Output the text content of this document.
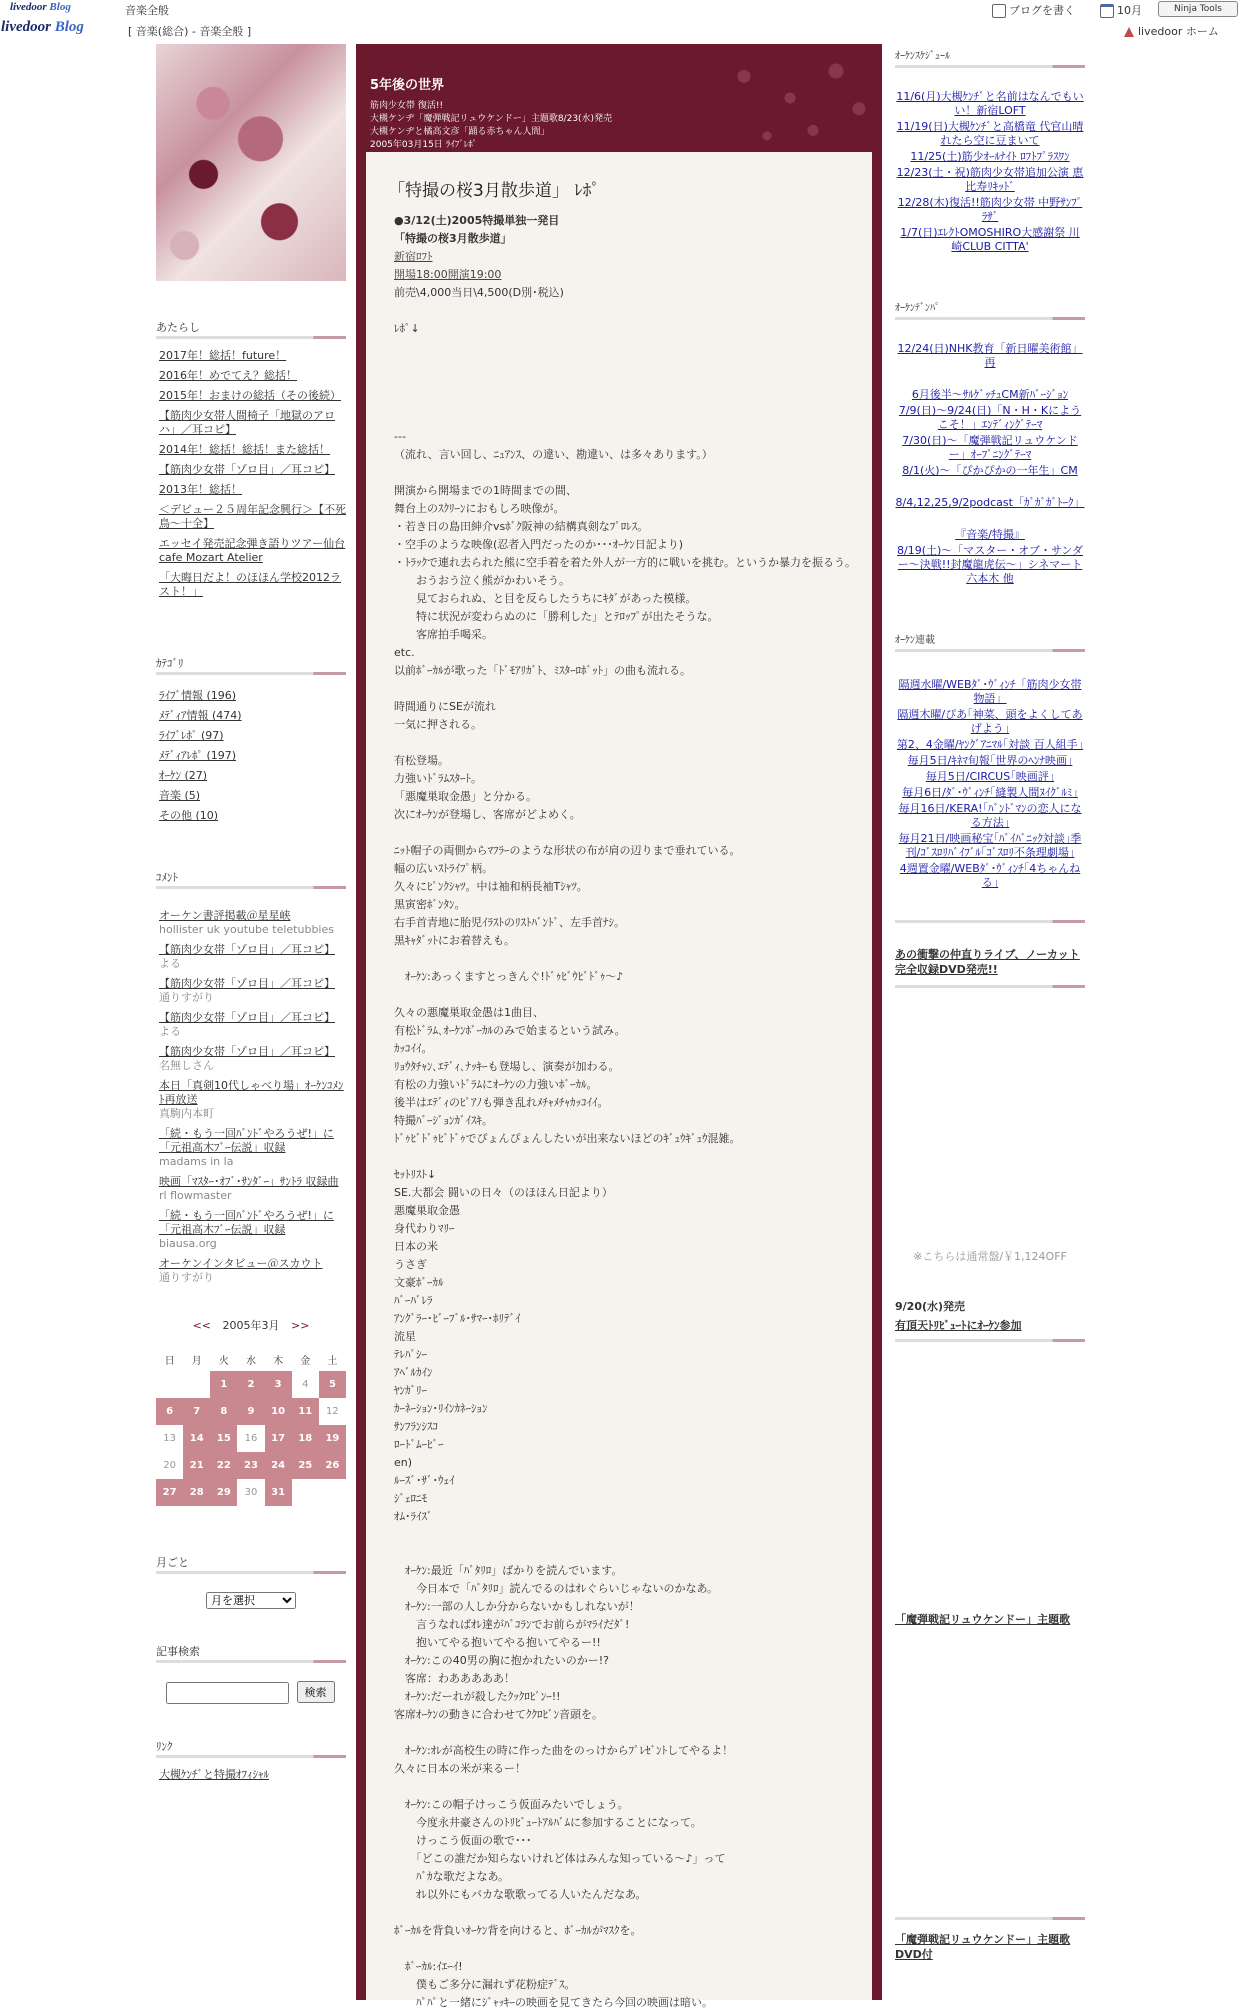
livedoor Blog	音楽全般
livedoor Blog	[ 音楽(総合) - 音楽全般 ]
ブログを書く	10月	Ninja Tools
livedoor ホーム
あたらし
2017年！総括！future！
2016年！めでてえ？総括！
2015年！おまけの総括（その後続）
【筋肉少女帯人間椅子「地獄のアロハ」／耳コピ】
2014年！総括！総括！また総括！
【筋肉少女帯「ゾロ目」／耳コピ】
2013年！総括！
＜デビュー２５周年記念興行＞【不死鳥～十全】
エッセイ発売記念弾き語りツアー仙台 cafe Mozart Atelier
「大晦日だよ！のほほん学校2012ラスト！」
ｶﾃｺﾞﾘ
ﾗｲﾌﾞ情報 (196)
ﾒﾃﾞｨｱ情報 (474)
ﾗｲﾌﾞﾚﾎﾟ (97)
ﾒﾃﾞｨｱﾚﾎﾟ (197)
ｵｰｹﾝ (27)
音楽 (5)
その他 (10)
ｺﾒﾝﾄ
オーケン書評掲載＠星星峡
hollister uk youtube teletubbies
【筋肉少女帯「ゾロ目」／耳コピ】
よる
【筋肉少女帯「ゾロ目」／耳コピ】
通りすがり
【筋肉少女帯「ゾロ目」／耳コピ】
よる
【筋肉少女帯「ゾロ目」／耳コピ】
名無しさん
本日「真剣10代しゃべり場」ｵｰｹﾝｺﾒﾝﾄ再放送
真駒内本町
「続・もう一回ﾊﾞﾝﾄﾞやろうぜ!」に「元祖高木ﾌﾞｰ伝説」収録
madams in la
映画「ﾏｽﾀｰ･ｵﾌﾞ･ｻﾝﾀﾞｰ」ｻﾝﾄﾗ 収録曲
rl flowmaster
「続・もう一回ﾊﾞﾝﾄﾞやろうぜ!」に「元祖高木ﾌﾞｰ伝説」収録
biausa.org
オーケンインタビュー＠スカウト
通りすがり
<< 2005年3月 >>
日	月	火	水	木	金	土
		1	2	3	4	5
6	7	8	9	10	11	12
13	14	15	16	17	18	19
20	21	22	23	24	25	26
27	28	29	30	31		
月ごと
月を選択
記事検索
検索
ﾘﾝｸ
大槻ｹﾝﾁﾞと特撮ｵﾌｨｼｬﾙ
5年後の世界
筋肉少女帯 復活!!
大槻ケンヂ「魔弾戦記リュウケンドー」主題歌8/23(水)発売
大槻ケンヂと橘高文彦「踊る赤ちゃん人間」
2005年03月15日 ﾗｲﾌﾞﾚﾎﾟ
「特撮の桜3月散歩道」 ﾚﾎﾟ

●3/12(土)2005特撮単独一発目

「特撮の桜3月散歩道」

新宿ﾛﾌﾄ

開場18:00開演19:00

前売\4,000当日\4,500(D別･税込)

ﾚﾎﾟ↓

---

（流れ、言い回し、ﾆｭｱﾝｽ、の違い、勘違い、は多々あります。）

開演から開場までの1時間までの間、

舞台上のｽｸﾘｰﾝにおもしろ映像が。

・若き日の島田紳介vsﾎﾞｸ阪神の結構真剣なﾌﾟﾛﾚｽ。

・空手のような映像(忍者入門だったのか･･･ｵｰｹﾝ日記より)

・ﾄﾗｯｸで連れ去られた熊に空手着を着た外人が一方的に戦いを挑む。というか暴力を振るう。

　　おうおう泣く熊がかわいそう。

　　見ておられぬ、と目を反らしたうちにｷﾀﾞがあった模様。

　　特に状況が変わらぬのに「勝利した」とﾃﾛｯﾌﾟが出たそうな。

　　客席拍手喝采。

etc.

以前ﾎﾞｰｶﾙが歌った「ﾄﾞﾓｱﾘｶﾞﾄ、ﾐｽﾀｰﾛﾎﾞｯﾄ」の曲も流れる。

時間通りにSEが流れ

一気に押される。

有松登場。

力強いﾄﾞﾗﾑｽﾀｰﾄ。

「悪魔巣取金愚」と分かる。

次にｵｰｹﾝが登場し、客席がどよめく。

ﾆｯﾄ帽子の両側からﾏﾌﾗｰのような形状の布が肩の辺りまで垂れている。

幅の広いｽﾄﾗｲﾌﾟ柄。

久々にﾋﾟﾝｸｼｬﾂ。中は袖和柄長袖Tｼｬﾂ。

黒寅密ﾎﾞﾝﾀﾝ。

右手首青地に胎児ｲﾗｽﾄのﾘｽﾄﾊﾞﾝﾄﾞ、左手首ﾅｼ。

黒ｷｬﾀﾞｯﾄにお着替えも。

　ｵｰｹﾝ:あっくますとっきんぐ!ﾄﾞｩﾋﾞｳﾋﾞﾄﾞｩ～♪

久々の悪魔巣取金愚は1曲目、

有松ﾄﾞﾗﾑ､ｵｰｹﾝﾎﾞｰｶﾙのみで始まるという試み。

ｶｯｺｲｲ。

ﾘｮｳﾀﾁｬﾝ､ｴﾃﾞｨ､ﾅｯｷｰも登場し、演奏が加わる。

有松の力強いﾄﾞﾗﾑにｵｰｹﾝの力強いﾎﾞｰｶﾙ。

後半はｴﾃﾞｨのﾋﾟｱﾉも弾き乱れﾒﾁｬﾒﾁｬｶｯｺｲｲ。

特撮ﾊﾞｰｼﾞｮﾝｶﾞｲｽｷ。

ﾄﾞｩﾋﾞﾄﾞｩﾋﾞﾄﾞｩでぴょんぴょんしたいが出来ないほどのｷﾞｭｳｷﾞｭｳ混雑。

ｾｯﾄﾘｽﾄ↓

SE.大都会 闘いの日々（のほほん日記より）

悪魔巣取金愚

身代わりﾏﾘｰ

日本の米

うさぎ

文豪ﾎﾞｰｶﾙ

ﾊﾞｰﾊﾞﾚﾗ

ｱﾝｸﾞﾗｰ･ﾋﾞｰﾌﾞﾙ･ｻﾏｰ･ﾎﾘﾃﾞｲ

流星

ﾃﾚﾊﾟｼｰ

ｱﾍﾞﾙｶｲﾝ

ﾔﾝｶﾞﾘｰ

ｶｰﾈｰｼｮﾝ･ﾘｲﾝｶﾈｰｼｮﾝ

ｻﾝﾌﾗﾝｼｽｺ

ﾛｰﾄﾞﾑｰﾋﾞｰ

en)

ﾙｰｽﾞ･ｻﾞ･ｳｪｲ

ｼﾞｪﾛﾆﾓ

ｵﾑ･ﾗｲｽﾞ

　ｵｰｹﾝ:最近「ﾊﾞﾀﾘﾛ」ばかりを読んでいます。

　　今日本で「ﾊﾞﾀﾘﾛ」読んでるのはｵﾚぐらいじゃないのかなあ。

　ｵｰｹﾝ:一部の人しか分からないかもしれないが！

　　言うなればｵﾚ達がﾊﾞｺﾗﾝでお前らがﾏﾗｲだﾀﾞ!

　　抱いてやる抱いてやる抱いてやるー!!

　ｵｰｹﾝ:この40男の胸に抱かれたいのかー!?

　客席：わあああああ！

　ｵｰｹﾝ:だーれが殺したｸｯｸﾛﾋﾞﾝｰ!!

客席ｵｰｹﾝの動きに合わせてｸｸﾛﾋﾞﾝ音頭を。

　ｵｰｹﾝ:ｵﾚが高校生の時に作った曲をのっけからﾌﾟﾚｾﾞﾝﾄしてやるよ！

久々に日本の米が来るー！

　ｵｰｹﾝ:この帽子けっこう仮面みたいでしょう。

　　今度永井豪さんのﾄﾘﾋﾞｭｰﾄｱﾙﾊﾞﾑに参加することになって。

　　けっこう仮面の歌で･･･

　　「どこの誰だか知らないけれど体はみんな知っている～♪」って

　　ﾊﾞｶな歌だよなあ。

　　ｵﾚ以外にもバカな歌歌ってる人いたんだなあ。

ﾎﾞｰｶﾙを背負いｵｰｹﾝ背を向けると、ﾎﾞｰｶﾙがﾏｽｸを。

　ﾎﾞｰｶﾙ:ｲｴｰｲ!

　　僕もご多分に漏れず花粉症ﾃﾞｽ。

　　ﾊﾟﾊﾟと一緒にｼﾞｬｯｷｰの映画を見てきたら今回の映画は暗い。

ｵｰｹﾝｽｹｼﾞｭｰﾙ
11/6(月)大槻ｹﾝﾁﾞと名前はなんでもいい！新宿LOFT
11/19(日)大槻ｹﾝﾁﾞと高橋竜 代官山晴れたら空に豆まいて
11/25(土)筋少ｵｰﾙﾅｲﾄ ﾛﾌﾄﾌﾟﾗｽﾜﾝ
12/23(土・祝)筋肉少女帯追加公演 恵比寿ﾘｷｯﾄﾞ
12/28(木)復活!!筋肉少女帯 中野ｻﾝﾌﾟﾗｻﾞ
1/7(日)ｴﾚｸﾄOMOSHIRO大感謝祭 川崎CLUB CITTA'
ｵｰｹﾝﾃﾞﾝﾊﾟ
12/24(日)NHK教育「新日曜美術館」再
6月後半～ｻﾙｹﾞｯﾁｭCM新ﾊﾞｰｼﾞｮﾝ
7/9(日)～9/24(日)「N・H・Kにようこそ！」ｴﾝﾃﾞｨﾝｸﾞﾃｰﾏ
7/30(日)～「魔弾戦記リュウケンドー」ｵｰﾌﾟﾆﾝｸﾞﾃｰﾏ
8/1(火)～「ぴかぴかの一年生」CM
8/4,12,25,9/2podcast「ｶﾞｶﾞｶﾞﾄｰｸ」
『音楽/特撮』
8/19(土)～「マスター・オブ・サンダー～決戦!!封魔龍虎伝～」シネマート六本木 他
ｵｰｹﾝ連載
隔週水曜/WEBﾀﾞ･ｳﾞｨﾝﾁ「筋肉少女帯物語」
隔週木曜/ぴあ｢神菜、頭をよくしてあげよう｣
第2、4金曜/ﾔﾝｸﾞｱﾆﾏﾙ｢対談 百人組手｣
毎月5日/ｷﾈﾏ旬報｢世界のﾍﾝﾅ映画｣
毎月5日/CIRCUS｢映画評｣
毎月6日/ﾀﾞ･ｳﾞｨﾝﾁ｢縫製人間ﾇｲｸﾞﾙﾐ｣
毎月16日/KERA!｢ﾊﾞﾝﾄﾞﾏﾝの恋人になる方法｣
毎月21日/映画秘宝｢ﾊﾞｲﾊﾞﾆｯｸ対談｣季刊/ｺﾞｽﾛﾘﾊﾞｲﾌﾞﾙ｢ｺﾞｽﾛﾘ不条理劇場｣
4週置金曜/WEBﾀﾞ･ｳﾞｨﾝﾁ｢4ちゃんねる｣
あの衝撃の仲直りライブ、ノーカット完全収録DVD発売!!
※こちらは通常盤/￥1,124OFF
9/20(水)発売
有頂天ﾄﾘﾋﾞｭｰﾄにｵｰｹﾝ参加
「魔弾戦記リュウケンドー」主題歌
「魔弾戦記リュウケンドー」主題歌DVD付
